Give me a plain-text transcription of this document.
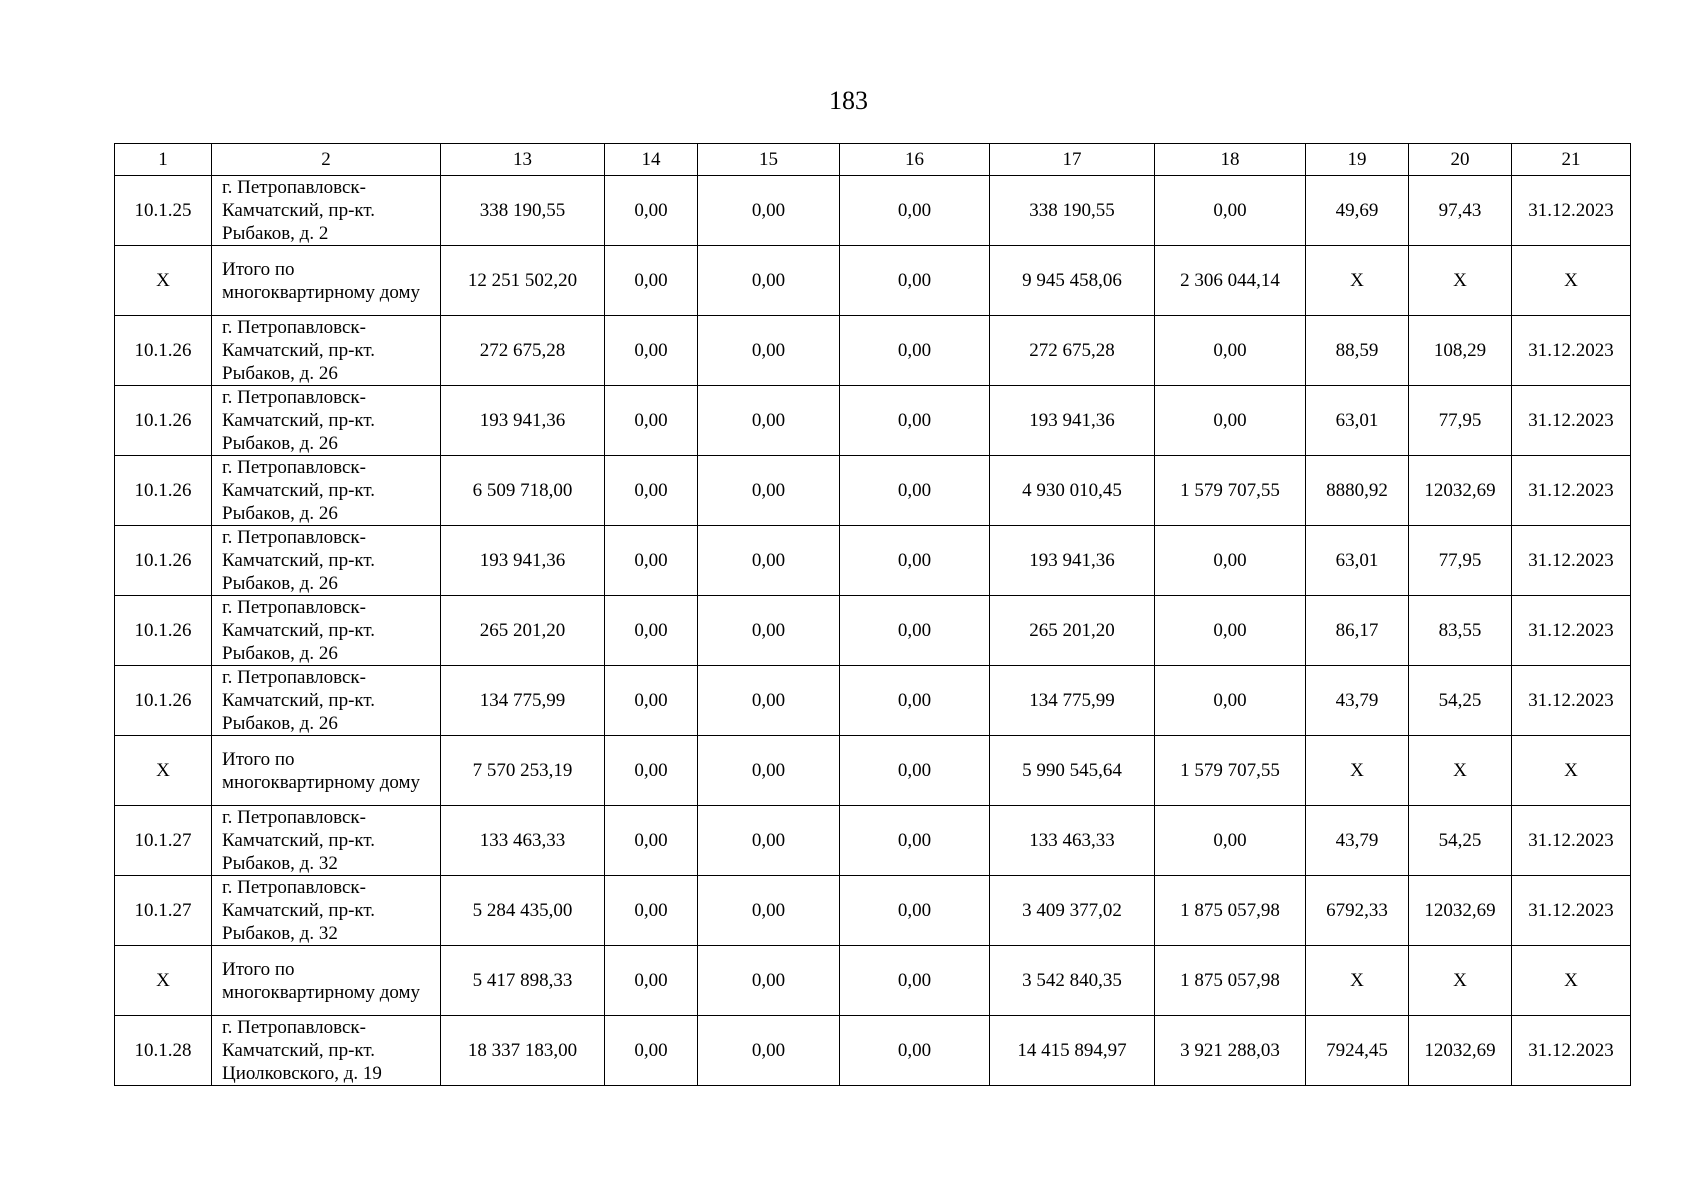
183
1	2	13	14	15	16	17	18	19	20	21
10.1.25	г. Петропавловск-Камчатский, пр-кт. Рыбаков, д. 2	338 190,55	0,00	0,00	0,00	338 190,55	0,00	49,69	97,43	31.12.2023
X	Итого по многоквартирному дому	12 251 502,20	0,00	0,00	0,00	9 945 458,06	2 306 044,14	X	X	X
10.1.26	г. Петропавловск-Камчатский, пр-кт. Рыбаков, д. 26	272 675,28	0,00	0,00	0,00	272 675,28	0,00	88,59	108,29	31.12.2023
10.1.26	г. Петропавловск-Камчатский, пр-кт. Рыбаков, д. 26	193 941,36	0,00	0,00	0,00	193 941,36	0,00	63,01	77,95	31.12.2023
10.1.26	г. Петропавловск-Камчатский, пр-кт. Рыбаков, д. 26	6 509 718,00	0,00	0,00	0,00	4 930 010,45	1 579 707,55	8880,92	12032,69	31.12.2023
10.1.26	г. Петропавловск-Камчатский, пр-кт. Рыбаков, д. 26	193 941,36	0,00	0,00	0,00	193 941,36	0,00	63,01	77,95	31.12.2023
10.1.26	г. Петропавловск-Камчатский, пр-кт. Рыбаков, д. 26	265 201,20	0,00	0,00	0,00	265 201,20	0,00	86,17	83,55	31.12.2023
10.1.26	г. Петропавловск-Камчатский, пр-кт. Рыбаков, д. 26	134 775,99	0,00	0,00	0,00	134 775,99	0,00	43,79	54,25	31.12.2023
X	Итого по многоквартирному дому	7 570 253,19	0,00	0,00	0,00	5 990 545,64	1 579 707,55	X	X	X
10.1.27	г. Петропавловск-Камчатский, пр-кт. Рыбаков, д. 32	133 463,33	0,00	0,00	0,00	133 463,33	0,00	43,79	54,25	31.12.2023
10.1.27	г. Петропавловск-Камчатский, пр-кт. Рыбаков, д. 32	5 284 435,00	0,00	0,00	0,00	3 409 377,02	1 875 057,98	6792,33	12032,69	31.12.2023
X	Итого по многоквартирному дому	5 417 898,33	0,00	0,00	0,00	3 542 840,35	1 875 057,98	X	X	X
10.1.28	г. Петропавловск-Камчатский, пр-кт. Циолковского, д. 19	18 337 183,00	0,00	0,00	0,00	14 415 894,97	3 921 288,03	7924,45	12032,69	31.12.2023
